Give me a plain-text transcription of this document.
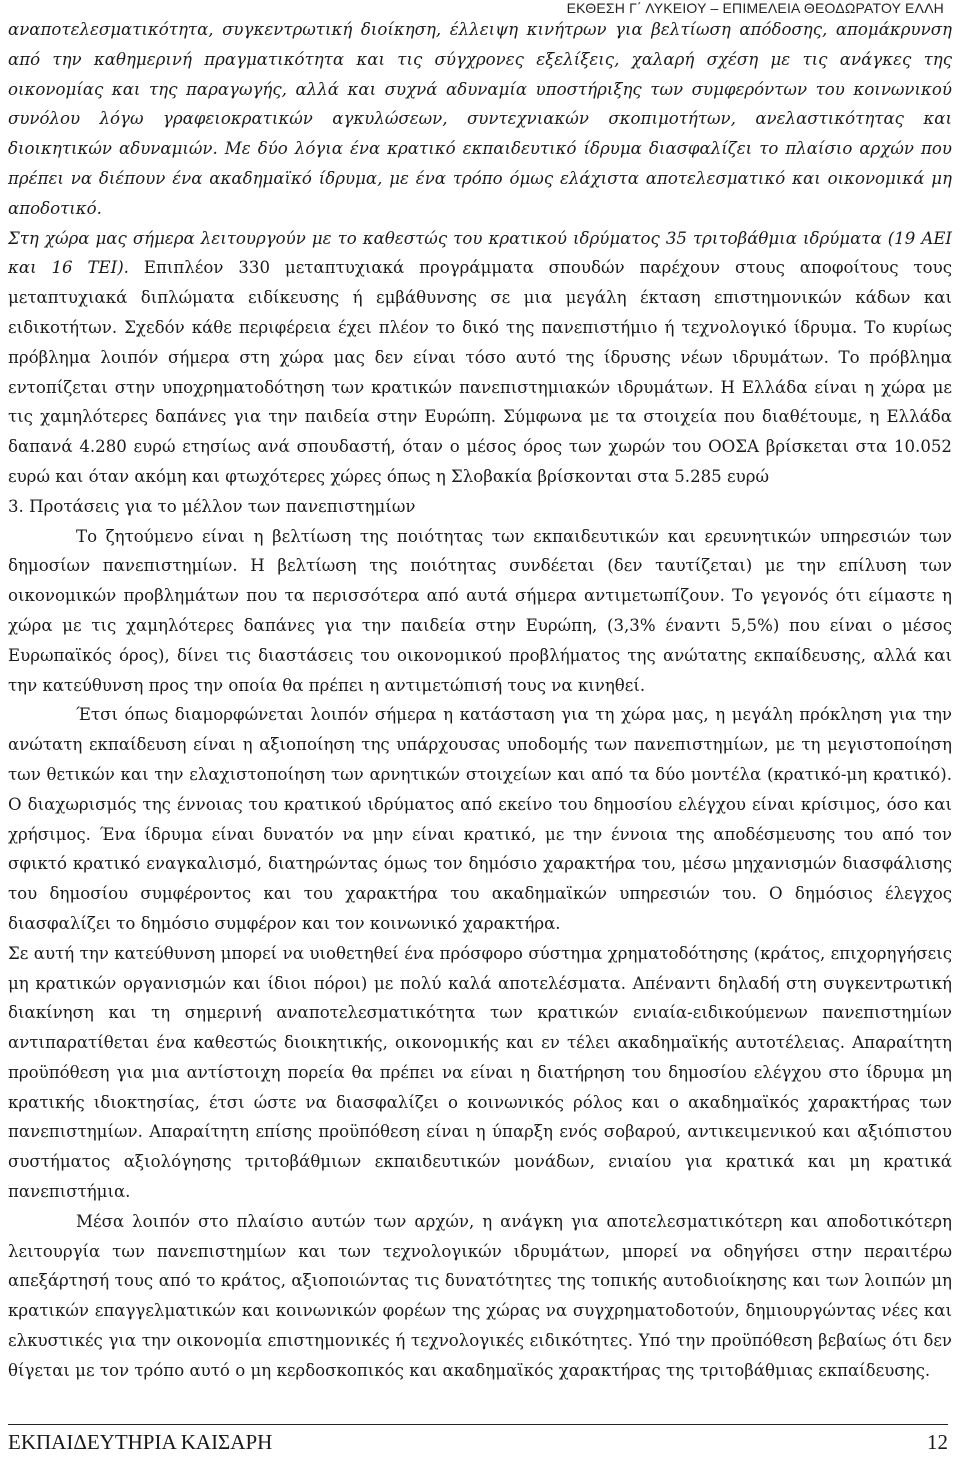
ΕΚΘΕΣΗ Γ΄ ΛΥΚΕΙΟΥ – ΕΠΙΜΕΛΕΙΑ ΘΕΟΔΩΡΑΤΟΥ ΕΛΛΗ

αναποτελεσματικότητα, συγκεντρωτική διοίκηση, έλλειψη κινήτρων για βελτίωση απόδοσης, απομάκρυνση από την καθημερινή πραγματικότητα και τις σύγχρονες εξελίξεις, χαλαρή σχέση με τις ανάγκες της οικονομίας και της παραγωγής, αλλά και συχνά αδυναμία υποστήριξης των συμφερόντων του κοινωνικού συνόλου λόγω γραφειοκρατικών αγκυλώσεων, συντεχνιακών σκοπιμοτήτων, ανελαστικότητας και διοικητικών αδυναμιών. Με δύο λόγια ένα κρατικό εκπαιδευτικό ίδρυμα διασφαλίζει το πλαίσιο αρχών που πρέπει να διέπουν ένα ακαδημαϊκό ίδρυμα, με ένα τρόπο όμως ελάχιστα αποτελεσματικό και οικονομικά μη αποδοτικό.

Στη χώρα μας σήμερα λειτουργούν με το καθεστώς του κρατικού ιδρύματος 35 τριτοβάθμια ιδρύματα (19 ΑΕΙ και 16 ΤΕΙ). Επιπλέον 330 μεταπτυχιακά προγράμματα σπουδών παρέχουν στους αποφοίτους τους μεταπτυχιακά διπλώματα ειδίκευσης ή εμβάθυνσης σε μια μεγάλη έκταση επιστημονικών κάδων και ειδικοτήτων. Σχεδόν κάθε περιφέρεια έχει πλέον το δικό της πανεπιστήμιο ή τεχνολογικό ίδρυμα. Το κυρίως πρόβλημα λοιπόν σήμερα στη χώρα μας δεν είναι τόσο αυτό της ίδρυσης νέων ιδρυμάτων. Το πρόβλημα εντοπίζεται στην υποχρηματοδότηση των κρατικών πανεπιστημιακών ιδρυμάτων. Η Ελλάδα είναι η χώρα με τις χαμηλότερες δαπάνες για την παιδεία στην Ευρώπη. Σύμφωνα με τα στοιχεία που διαθέτουμε, η Ελλάδα δαπανά 4.280 ευρώ ετησίως ανά σπουδαστή, όταν ο μέσος όρος των χωρών του ΟΟΣΑ βρίσκεται στα 10.052 ευρώ και όταν ακόμη και φτωχότερες χώρες όπως η Σλοβακία βρίσκονται στα 5.285 ευρώ

3. Προτάσεις για το μέλλον των πανεπιστημίων

Το ζητούμενο είναι η βελτίωση της ποιότητας των εκπαιδευτικών και ερευνητικών υπηρεσιών των δημοσίων πανεπιστημίων. Η βελτίωση της ποιότητας συνδέεται (δεν ταυτίζεται) με την επίλυση των οικονομικών προβλημάτων που τα περισσότερα από αυτά σήμερα αντιμετωπίζουν. Το γεγονός ότι είμαστε η χώρα με τις χαμηλότερες δαπάνες για την παιδεία στην Ευρώπη, (3,3% έναντι 5,5%) που είναι ο μέσος Ευρωπαϊκός όρος), δίνει τις διαστάσεις του οικονομικού προβλήματος της ανώτατης εκπαίδευσης, αλλά και την κατεύθυνση προς την οποία θα πρέπει η αντιμετώπισή τους να κινηθεί.

Έτσι όπως διαμορφώνεται λοιπόν σήμερα η κατάσταση για τη χώρα μας, η μεγάλη πρόκληση για την ανώτατη εκπαίδευση είναι η αξιοποίηση της υπάρχουσας υποδομής των πανεπιστημίων, με τη μεγιστοποίηση των θετικών και την ελαχιστοποίηση των αρνητικών στοιχείων και από τα δύο μοντέλα (κρατικό-μη κρατικό). Ο διαχωρισμός της έννοιας του κρατικού ιδρύματος από εκείνο του δημοσίου ελέγχου είναι κρίσιμος, όσο και χρήσιμος. Ένα ίδρυμα είναι δυνατόν να μην είναι κρατικό, με την έννοια της αποδέσμευσης του από τον σφικτό κρατικό εναγκαλισμό, διατηρώντας όμως τον δημόσιο χαρακτήρα του, μέσω μηχανισμών διασφάλισης του δημοσίου συμφέροντος και του χαρακτήρα του ακαδημαϊκών υπηρεσιών του. Ο δημόσιος έλεγχος διασφαλίζει το δημόσιο συμφέρον και τον κοινωνικό χαρακτήρα.

Σε αυτή την κατεύθυνση μπορεί να υιοθετηθεί ένα πρόσφορο σύστημα χρηματοδότησης (κράτος, επιχορηγήσεις μη κρατικών οργανισμών και ίδιοι πόροι) με πολύ καλά αποτελέσματα. Απέναντι δηλαδή στη συγκεντρωτική διακίνηση και τη σημερινή αναποτελεσματικότητα των κρατικών ενιαία-ειδικούμενων πανεπιστημίων αντιπαρατίθεται ένα καθεστώς διοικητικής, οικονομικής και εν τέλει ακαδημαϊκής αυτοτέλειας. Απαραίτητη προϋπόθεση για μια αντίστοιχη πορεία θα πρέπει να είναι η διατήρηση του δημοσίου ελέγχου στο ίδρυμα μη κρατικής ιδιοκτησίας, έτσι ώστε να διασφαλίζει ο κοινωνικός ρόλος και ο ακαδημαϊκός χαρακτήρας των πανεπιστημίων. Απαραίτητη επίσης προϋπόθεση είναι η ύπαρξη ενός σοβαρού, αντικειμενικού και αξιόπιστου συστήματος αξιολόγησης τριτοβάθμιων εκπαιδευτικών μονάδων, ενιαίου για κρατικά και μη κρατικά πανεπιστήμια.

Μέσα λοιπόν στο πλαίσιο αυτών των αρχών, η ανάγκη για αποτελεσματικότερη και αποδοτικότερη λειτουργία των πανεπιστημίων και των τεχνολογικών ιδρυμάτων, μπορεί να οδηγήσει στην περαιτέρω απεξάρτησή τους από το κράτος, αξιοποιώντας τις δυνατότητες της τοπικής αυτοδιοίκησης και των λοιπών μη κρατικών επαγγελματικών και κοινωνικών φορέων της χώρας να συγχρηματοδοτούν, δημιουργώντας νέες και ελκυστικές για την οικονομία επιστημονικές ή τεχνολογικές ειδικότητες. Υπό την προϋπόθεση βεβαίως ότι δεν θίγεται με τον τρόπο αυτό ο μη κερδοσκοπικός και ακαδημαϊκός χαρακτήρας της τριτοβάθμιας εκπαίδευσης.

ΕΚΠΑΙΔΕΥΤΗΡΙΑ ΚΑΙΣΑΡΗ	12
